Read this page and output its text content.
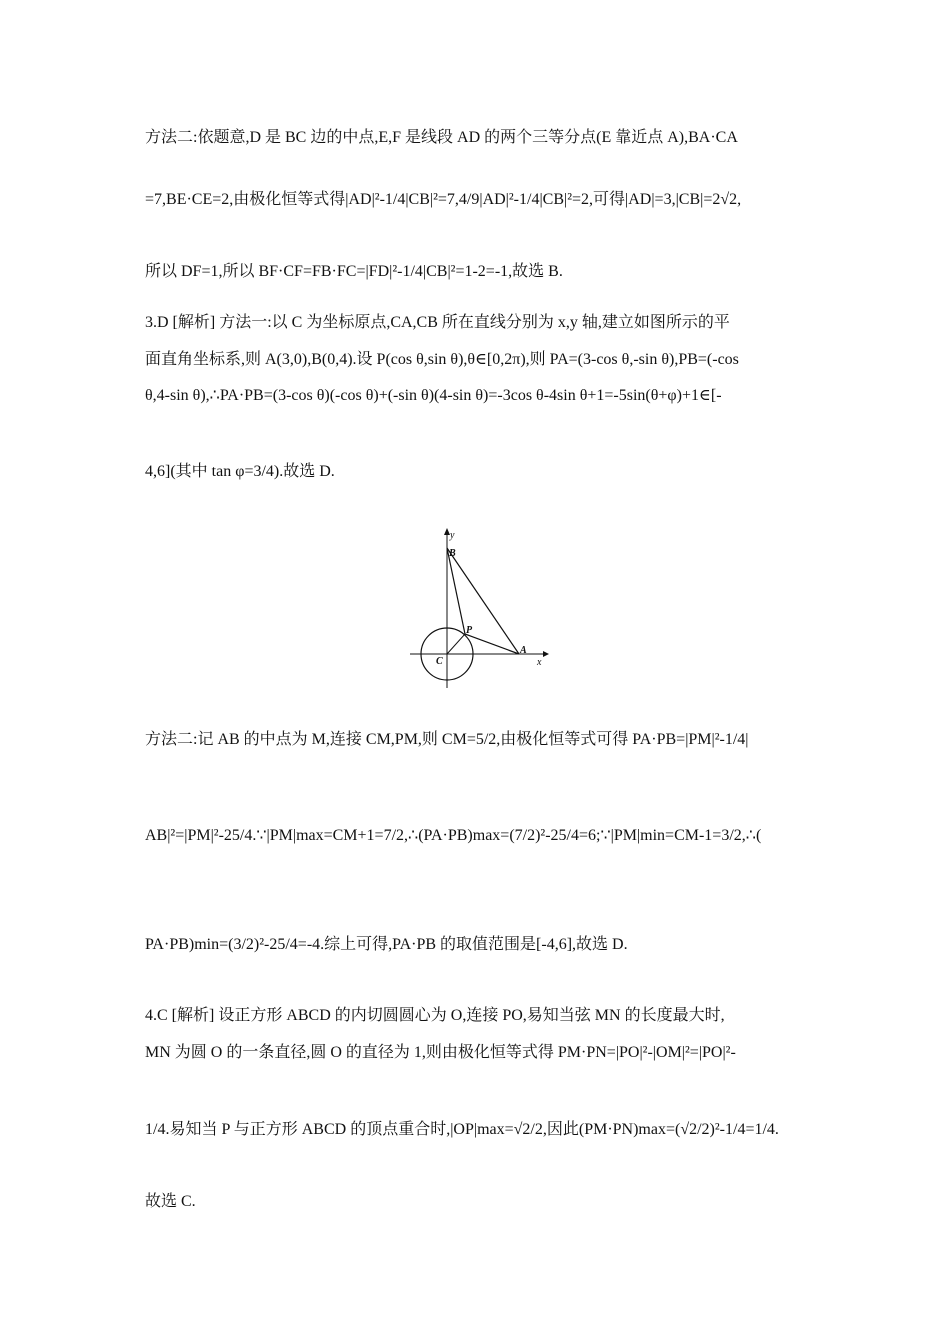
方法二:依题意,D 是 BC 边的中点,E,F 是线段 AD 的两个三等分点(E 靠近点 A),BA·CA
=7,BE·CE=2,由极化恒等式得|AD|²-1/4|CB|²=7,4/9|AD|²-1/4|CB|²=2,可得|AD|=3,|CB|=2√2,
所以 DF=1,所以 BF·CF=FB·FC=|FD|²-1/4|CB|²=1-2=-1,故选 B.
3.D [解析] 方法一:以 C 为坐标原点,CA,CB 所在直线分别为 x,y 轴,建立如图所示的平
面直角坐标系,则 A(3,0),B(0,4).设 P(cos θ,sin θ),θ∈[0,2π),则 PA=(3-cos θ,-sin θ),PB=(-cos
θ,4-sin θ),∴PA·PB=(3-cos θ)(-cos θ)+(-sin θ)(4-sin θ)=-3cos θ-4sin θ+1=-5sin(θ+φ)+1∈[-
4,6](其中 tan φ=3/4).故选 D.
y
x
B
P
A
C
方法二:记 AB 的中点为 M,连接 CM,PM,则 CM=5/2,由极化恒等式可得 PA·PB=|PM|²-1/4|
AB|²=|PM|²-25/4.∵|PM|max=CM+1=7/2,∴(PA·PB)max=(7/2)²-25/4=6;∵|PM|min=CM-1=3/2,∴(
PA·PB)min=(3/2)²-25/4=-4.综上可得,PA·PB 的取值范围是[-4,6],故选 D.
4.C [解析] 设正方形 ABCD 的内切圆圆心为 O,连接 PO,易知当弦 MN 的长度最大时,
MN 为圆 O 的一条直径,圆 O 的直径为 1,则由极化恒等式得 PM·PN=|PO|²-|OM|²=|PO|²-
1/4.易知当 P 与正方形 ABCD 的顶点重合时,|OP|max=√2/2,因此(PM·PN)max=(√2/2)²-1/4=1/4.
故选 C.
